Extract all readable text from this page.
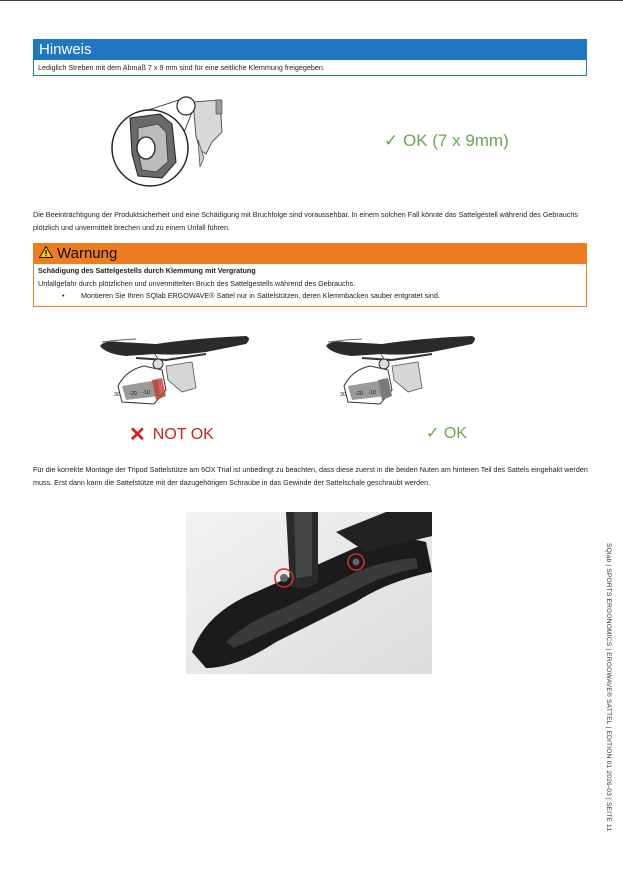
Hinweis
Lediglich Streben mit dem Abmaß 7 x 9 mm sind für eine seitliche Klemmung freigegeben.
✓ OK (7 x 9mm)
Die Beeinträchtigung der Produktsicherheit und eine Schädigung mit Bruchfolge sind voraussehbar. In einem solchen Fall könnte das Sattelgestell während des Gebrauchs plötzlich und unvermittelt brechen und zu einem Unfall führen.
Warnung
Schädigung des Sattelgestells durch Klemmung mit Vergratung
Unfallgefahr durch plötzlichen und unvermittelten Bruch des Sattelgestells während des Gebrauchs.
•	Montieren Sie Ihren SQlab ERGOWAVE® Sattel nur in Sattelstützen, deren Klemmbacken sauber entgratet sind.
30 -20 -10	30 -20 -10
✕ NOT OK	✓ OK
Für die korrekte Montage der Tripod Sattelstütze am 6OX Trial ist unbedingt zu beachten, dass diese zuerst in die beiden Nuten am hinteren Teil des Sattels eingehakt werden muss. Erst dann kann die Sattelstütze mit der dazugehörigen Schraube in das Gewinde der Sattelschale geschraubt werden.
SQlab | SPORTS ERGONOMICS | ERGOWAVE® SATTEL | EDITION 01 2026-03 | SEITE 11
